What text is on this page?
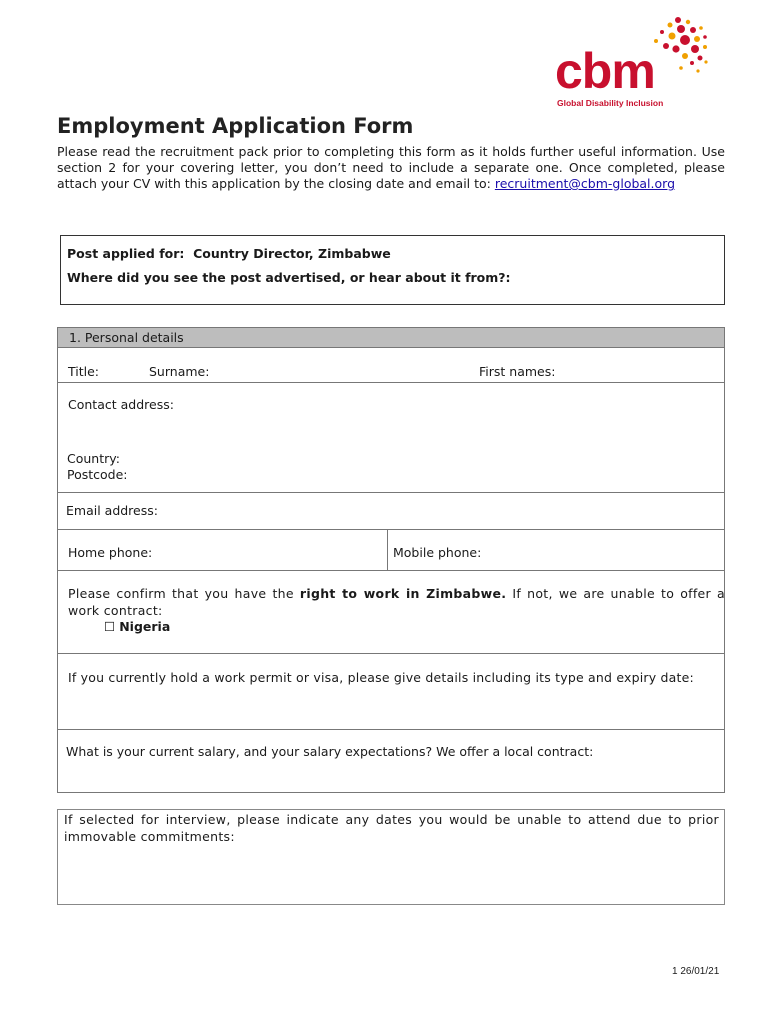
cbm
Global Disability Inclusion
Employment Application Form
Please read the recruitment pack prior to completing this form as it holds further useful information. Use section 2 for your covering letter, you don’t need to include a separate one. Once completed, please attach your CV with this application by the closing date and email to: recruitment@cbm-global.org
Post applied for: Country Director, Zimbabwe
Where did you see the post advertised, or hear about it from?:
1. Personal details
Title:	Surname:	First names:
Contact address:
Country:
Postcode:
Email address:
Home phone:	Mobile phone:
Please confirm that you have the right to work in Zimbabwe. If not, we are unable to offer a work contract:
☐ Nigeria
If you currently hold a work permit or visa, please give details including its type and expiry date:
What is your current salary, and your salary expectations? We offer a local contract:
If selected for interview, please indicate any dates you would be unable to attend due to prior immovable commitments:
1 26/01/21
